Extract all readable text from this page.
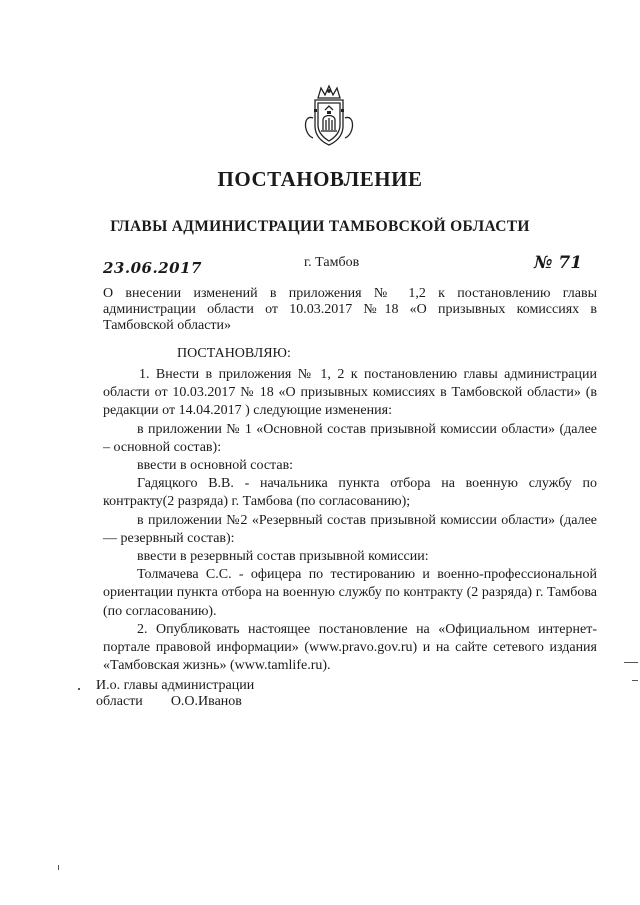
ПОСТАНОВЛЕНИЕ
ГЛАВЫ АДМИНИСТРАЦИИ ТАМБОВСКОЙ ОБЛАСТИ
23.06.2017	г. Тамбов	№ 71
О внесении изменений в приложения № 1,2 к постановлению главы администрации области от 10.03.2017 №18 «О призывных комиссиях в Тамбовской области»
ПОСТАНОВЛЯЮ:

1. Внести в приложения № 1, 2 к постановлению главы администрации области от 10.03.2017 № 18 «О призывных комиссиях в Тамбовской области» (в редакции от 14.04.2017 ) следующие изменения:

в приложении № 1 «Основной состав призывной комиссии области» (далее – основной состав):

ввести в основной состав:

Гадяцкого В.В. - начальника пункта отбора на военную службу по контракту(2 разряда) г. Тамбова (по согласованию);

в приложении №2 «Резервный состав призывной комиссии области» (далее — резервный состав):

ввести в резервный состав призывной комиссии:

Толмачева С.С. - офицера по тестированию и военно-профессиональной ориентации пункта отбора на военную службу по контракту (2 разряда) г. Тамбова (по согласованию).

2. Опубликовать настоящее постановление на «Официальном интернет-портале правовой информации» (www.pravo.gov.ru) и на сайте сетевого издания «Тамбовская жизнь» (www.tamlife.ru).

И.о. главы администрации
области О.О.Иванов
